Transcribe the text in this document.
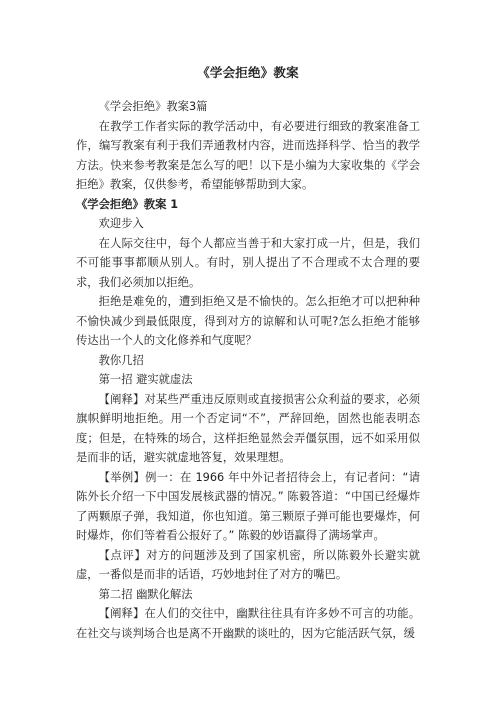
《学会拒绝》教案

《学会拒绝》教案3篇

在教学工作者实际的教学活动中，有必要进行细致的教案准备工作，编写教案有利于我们弄通教材内容，进而选择科学、恰当的教学方法。快来参考教案是怎么写的吧！以下是小编为大家收集的《学会拒绝》教案，仅供参考，希望能够帮助到大家。

《学会拒绝》教案 1

欢迎步入

在人际交往中，每个人都应当善于和大家打成一片，但是，我们不可能事事都顺从别人。有时，别人提出了不合理或不太合理的要求，我们必须加以拒绝。

拒绝是难免的，遭到拒绝又是不愉快的。怎么拒绝才可以把种种不愉快减少到最低限度，得到对方的谅解和认可呢?怎么拒绝才能够传达出一个人的文化修养和气度呢？

教你几招

第一招 避实就虚法

【阐释】对某些严重违反原则或直接损害公众利益的要求，必须旗帜鲜明地拒绝。用一个否定词“不”，严辞回绝，固然也能表明态度；但是，在特殊的场合，这样拒绝显然会弄僵氛围，远不如采用似是而非的话，避实就虚地答复，效果理想。

【举例】例一：在 1966 年中外记者招待会上，有记者问：“请陈外长介绍一下中国发展核武器的情况。” 陈毅答道：“中国已经爆炸了两颗原子弹，我知道，你也知道。第三颗原子弹可能也要爆炸，何时爆炸，你们等着看公报好了。” 陈毅的妙语赢得了满场掌声。

【点评】对方的问题涉及到了国家机密，所以陈毅外长避实就虚，一番似是而非的话语，巧妙地封住了对方的嘴巴。

第二招 幽默化解法

【阐释】在人们的交往中，幽默往往具有许多妙不可言的功能。在社交与谈判场合也是离不开幽默的谈吐的，因为它能活跃气氛，缓
